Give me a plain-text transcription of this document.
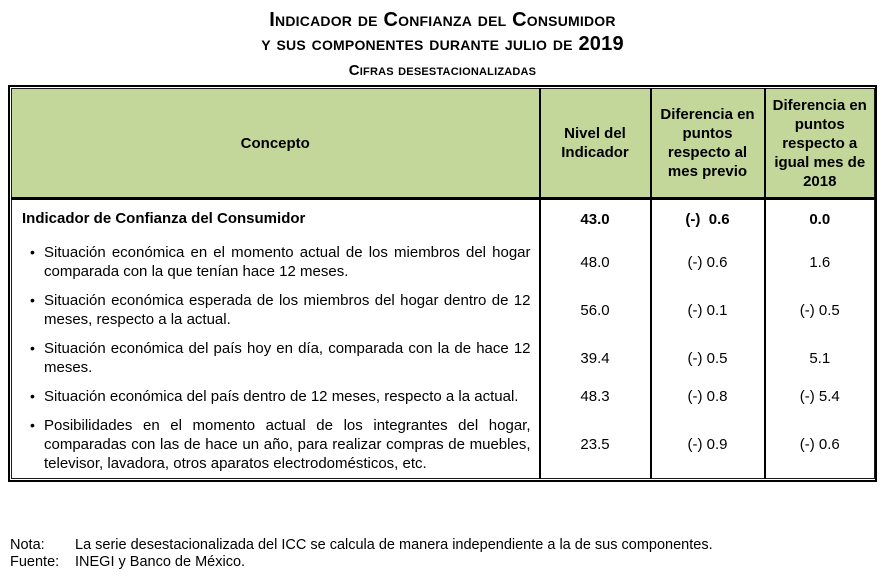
Indicador de Confianza del Consumidor
y sus componentes durante julio de 2019
Cifras desestacionalizadas
Concepto	Nivel del Indicador	Diferencia en puntos respecto al mes previo	Diferencia en puntos respecto a igual mes de 2018

Indicador de Confianza del Consumidor	43.0	(-)  0.6	0.0

• Situación económica en el momento actual de los miembros del hogar comparada con la que tenían hace 12 meses.	48.0	(-) 0.6	1.6

• Situación económica esperada de los miembros del hogar dentro de 12 meses, respecto a la actual.	56.0	(-) 0.1	(-) 0.5

• Situación económica del país hoy en día, comparada con la de hace 12 meses.	39.4	(-) 0.5	5.1

• Situación económica del país dentro de 12 meses, respecto a la actual.	48.3	(-) 0.8	(-) 5.4

• Posibilidades en el momento actual de los integrantes del hogar, comparadas con las de hace un año, para realizar compras de muebles, televisor, lavadora, otros aparatos electrodomésticos, etc.	23.5	(-) 0.9	(-) 0.6
Nota:	La serie desestacionalizada del ICC se calcula de manera independiente a la de sus componentes.
Fuente:	INEGI y Banco de México.
